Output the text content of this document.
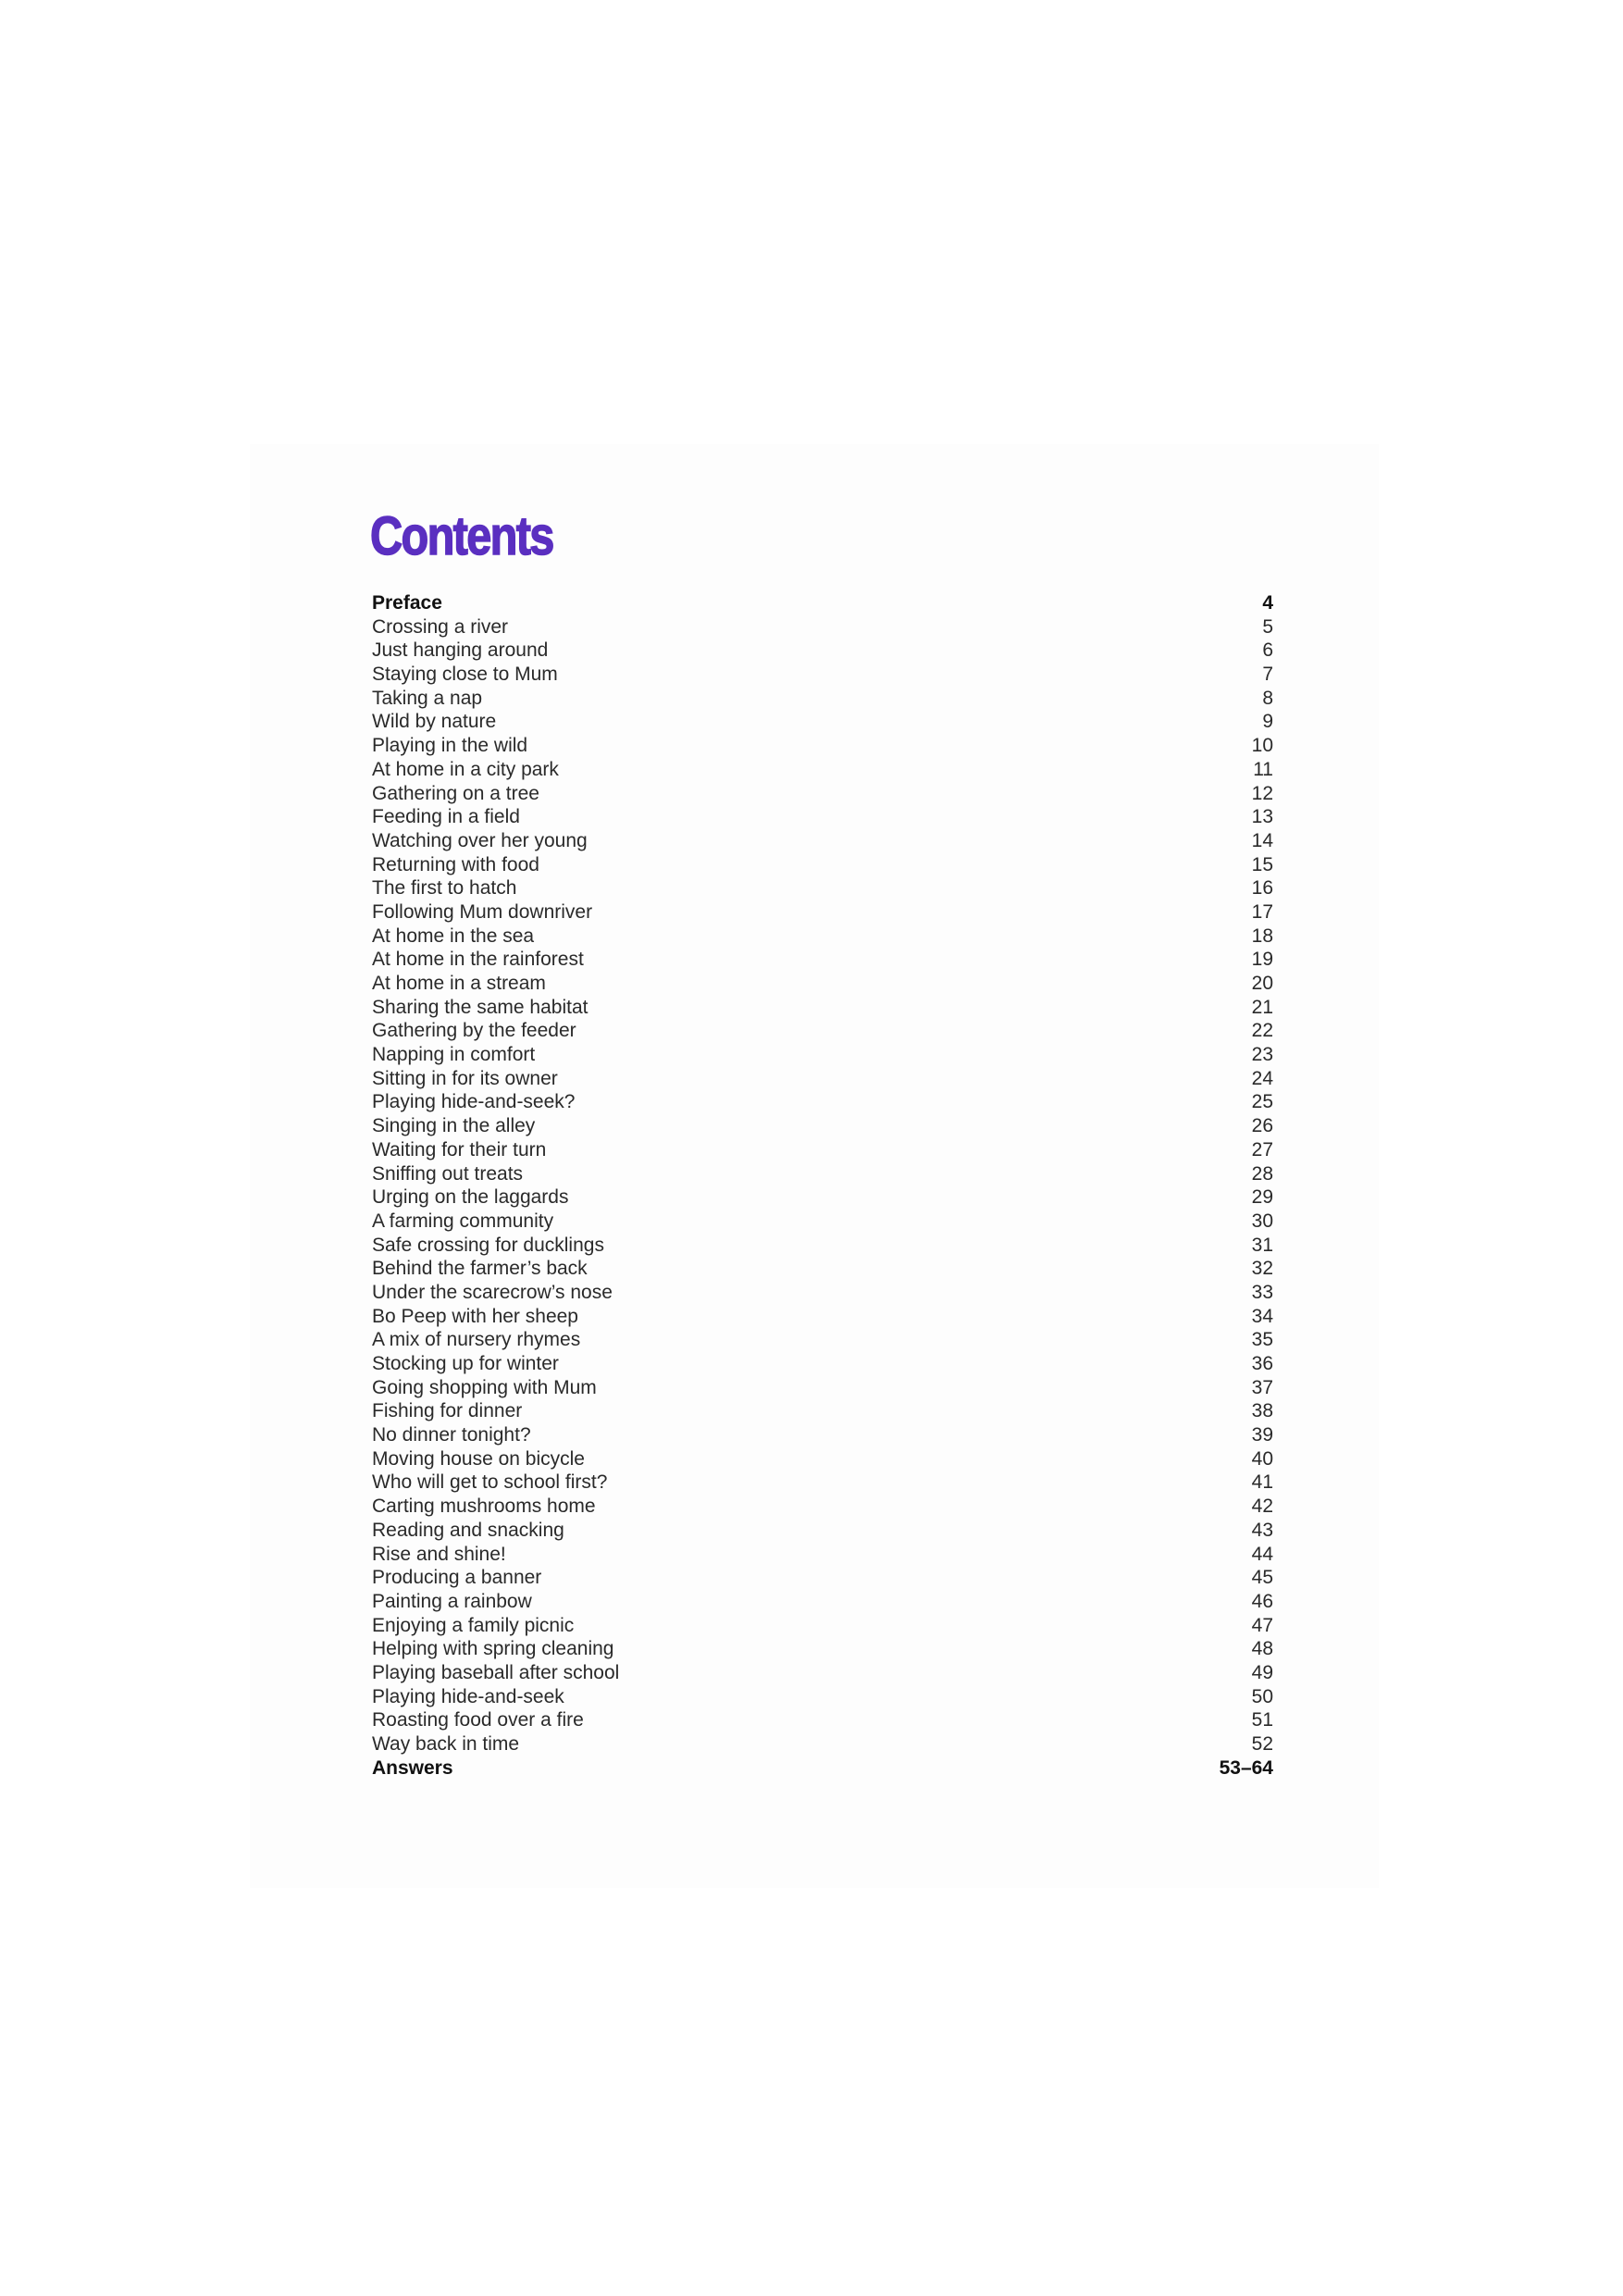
Contents
Preface	4
Crossing a river	5
Just hanging around	6
Staying close to Mum	7
Taking a nap	8
Wild by nature	9
Playing in the wild	10
At home in a city park	11
Gathering on a tree	12
Feeding in a field	13
Watching over her young	14
Returning with food	15
The first to hatch	16
Following Mum downriver	17
At home in the sea	18
At home in the rainforest	19
At home in a stream	20
Sharing the same habitat	21
Gathering by the feeder	22
Napping in comfort	23
Sitting in for its owner	24
Playing hide-and-seek?	25
Singing in the alley	26
Waiting for their turn	27
Sniffing out treats	28
Urging on the laggards	29
A farming community	30
Safe crossing for ducklings	31
Behind the farmer’s back	32
Under the scarecrow’s nose	33
Bo Peep with her sheep	34
A mix of nursery rhymes	35
Stocking up for winter	36
Going shopping with Mum	37
Fishing for dinner	38
No dinner tonight?	39
Moving house on bicycle	40
Who will get to school first?	41
Carting mushrooms home	42
Reading and snacking	43
Rise and shine!	44
Producing a banner	45
Painting a rainbow	46
Enjoying a family picnic	47
Helping with spring cleaning	48
Playing baseball after school	49
Playing hide-and-seek	50
Roasting food over a fire	51
Way back in time	52
Answers	53–64
